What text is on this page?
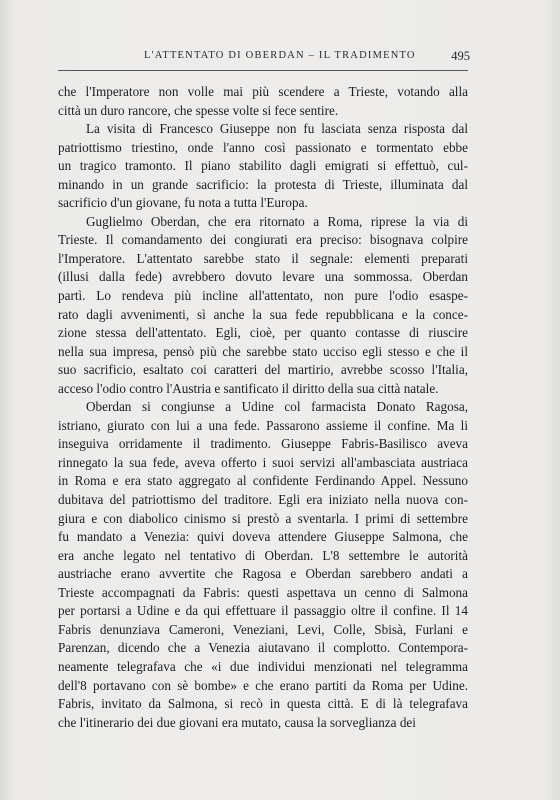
L'ATTENTATO DI OBERDAN – IL TRADIMENTO	495
che l'Imperatore non volle mai più scendere a Trieste, votando alla
città un duro rancore, che spesse volte si fece sentire.
La visita di Francesco Giuseppe non fu lasciata senza risposta dal
patriottismo triestino, onde l'anno così passionato e tormentato ebbe
un tragico tramonto. Il piano stabilito dagli emigrati si effettuò, cul-
minando in un grande sacrificio: la protesta di Trieste, illuminata dal
sacrificio d'un giovane, fu nota a tutta l'Europa.
Guglielmo Oberdan, che era ritornato a Roma, riprese la via di
Trieste. Il comandamento dei congiurati era preciso: bisognava colpire
l'Imperatore. L'attentato sarebbe stato il segnale: elementi preparati
(illusi dalla fede) avrebbero dovuto levare una sommossa. Oberdan
partì. Lo rendeva più incline all'attentato, non pure l'odio esaspe-
rato dagli avvenimenti, sì anche la sua fede repubblicana e la conce-
zione stessa dell'attentato. Egli, cioè, per quanto contasse di riuscire
nella sua impresa, pensò più che sarebbe stato ucciso egli stesso e che il
suo sacrificio, esaltato coi caratteri del martirio, avrebbe scosso l'Italia,
acceso l'odio contro l'Austria e santificato il diritto della sua città natale.
Oberdan si congiunse a Udine col farmacista Donato Ragosa,
istriano, giurato con lui a una fede. Passarono assieme il confine. Ma li
inseguiva orridamente il tradimento. Giuseppe Fabris-Basilisco aveva
rinnegato la sua fede, aveva offerto i suoi servizi all'ambasciata austriaca
in Roma e era stato aggregato al confidente Ferdinando Appel. Nessuno
dubitava del patriottismo del traditore. Egli era iniziato nella nuova con-
giura e con diabolico cinismo si prestò a sventarla. I primi di settembre
fu mandato a Venezia: quivi doveva attendere Giuseppe Salmona, che
era anche legato nel tentativo di Oberdan. L'8 settembre le autorità
austriache erano avvertite che Ragosa e Oberdan sarebbero andati a
Trieste accompagnati da Fabris: questi aspettava un cenno di Salmona
per portarsi a Udine e da qui effettuare il passaggio oltre il confine. Il 14
Fabris denunziava Cameroni, Veneziani, Levi, Colle, Sbisà, Furlani e
Parenzan, dicendo che a Venezia aiutavano il complotto. Contempora-
neamente telegrafava che «i due individui menzionati nel telegramma
dell'8 portavano con sè bombe» e che erano partiti da Roma per Udine.
Fabris, invitato da Salmona, si recò in questa città. E di là telegrafava
che l'itinerario dei due giovani era mutato, causa la sorveglianza dei
